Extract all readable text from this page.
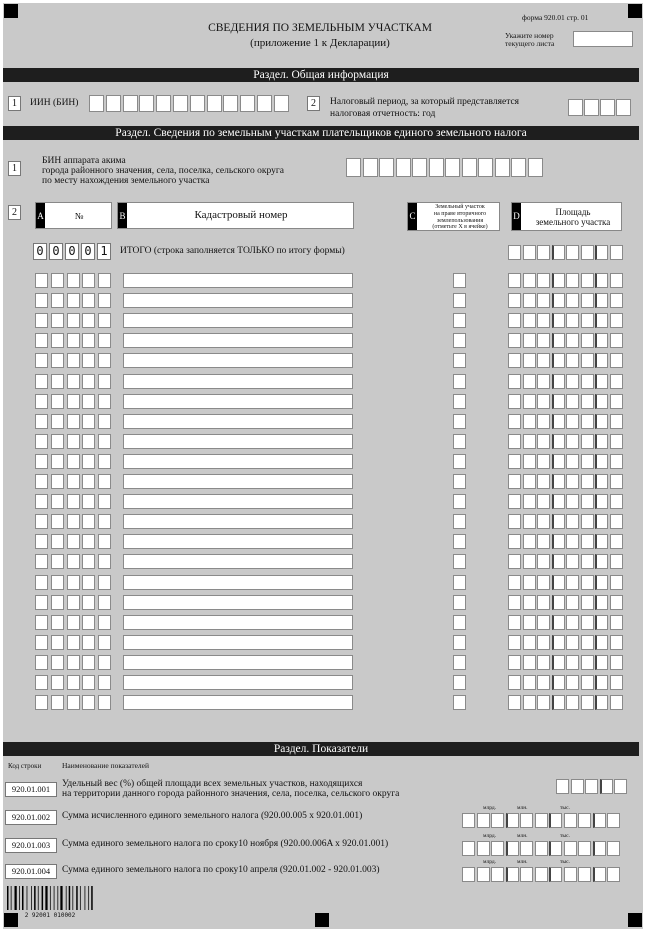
СВЕДЕНИЯ ПО ЗЕМЕЛЬНЫМ УЧАСТКАМ
(приложение 1 к Декларации)
форма 920.01 стр. 01
Укажите номер
текущего листа
Раздел. Общая информация
1	ИИН (БИН)	2	Налоговый период, за который представляется
налоговая отчетность: год
Раздел. Сведения по земельным участкам плательщиков единого земельного налога
1
БИН аппарата акима
города районного значения, села, поселка, сельского округа
по месту нахождения земельного участка
2	A	№	B	Кадастровый номер	C
Земельный участок
на праве вторичного
землепользования
(отметьте X в ячейке)
D	Площадь
земельного участка
0 0 0 0 1	ИТОГО (строка заполняется ТОЛЬКО по итогу формы)
Раздел. Показатели
Код строки	Наименование показателей
920.01.001	Удельный вес (%) общей площади всех земельных участков, находящихся
на территории данного города районного значения, села, поселка, сельского округа
920.01.002	Сумма исчисленного единого земельного налога (920.00.005 x 920.01.001)
млрд.	млн.	тыс.
920.01.003	Сумма единого земельного налога по сроку10 ноября (920.00.006A x 920.01.001)
млрд.	млн.	тыс.
920.01.004	Сумма единого земельного налога по сроку10 апреля (920.01.002 - 920.01.003)
млрд.	млн.	тыс.
2 92001 010002
